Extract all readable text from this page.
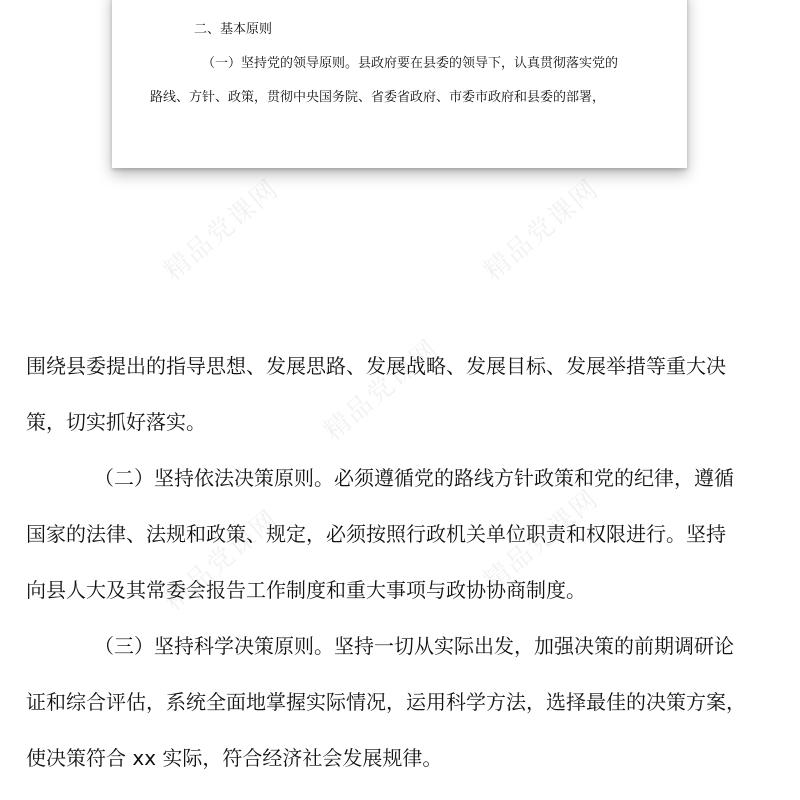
精品党课网	精品党课网
精品党课网
精品党课网	精品党课网
二、基本原则
（一）坚持党的领导原则。县政府要在县委的领导下，认真贯彻落实党的
路线、方针、政策，贯彻中央国务院、省委省政府、市委市政府和县委的部署，
围绕县委提出的指导思想、发展思路、发展战略、发展目标、发展举措等重大决
策，切实抓好落实。
（二）坚持依法决策原则。必须遵循党的路线方针政策和党的纪律，遵循
国家的法律、法规和政策、规定，必须按照行政机关单位职责和权限进行。坚持
向县人大及其常委会报告工作制度和重大事项与政协协商制度。
（三）坚持科学决策原则。坚持一切从实际出发，加强决策的前期调研论
证和综合评估，系统全面地掌握实际情况，运用科学方法，选择最佳的决策方案，
使决策符合 xx 实际，符合经济社会发展规律。
